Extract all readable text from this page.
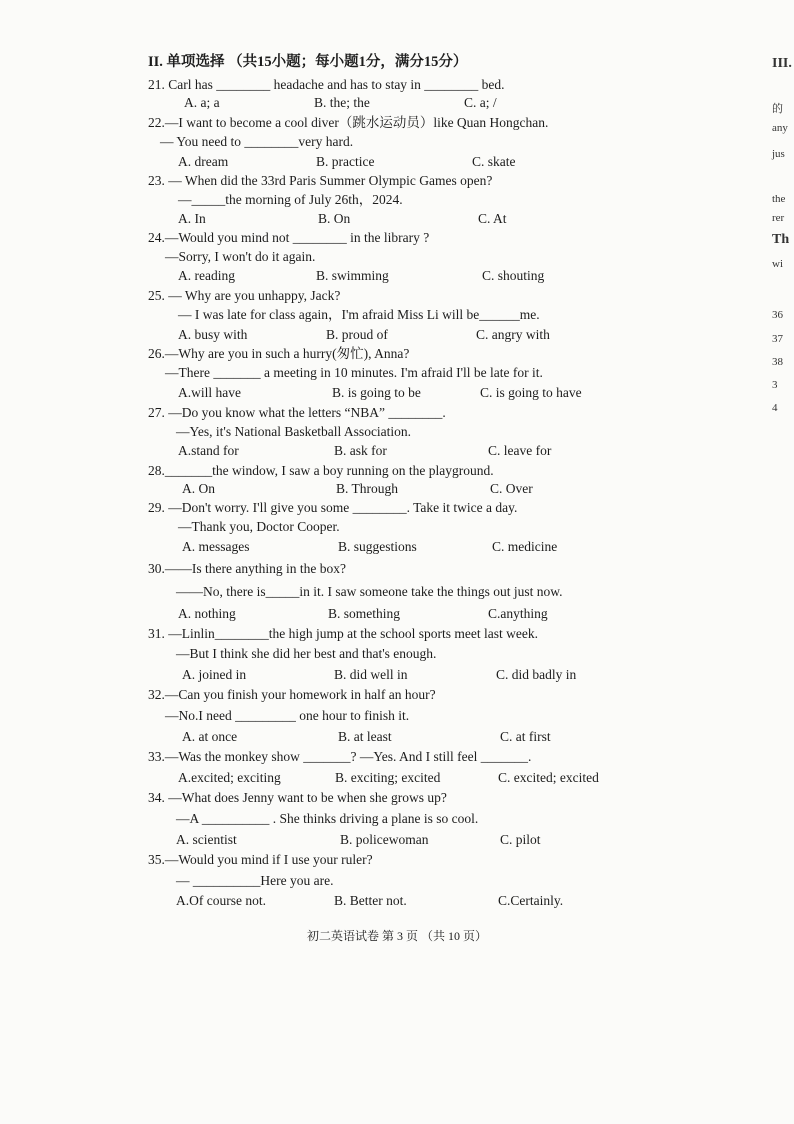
II. 单项选择 （共15小题；每小题1分，满分15分）
21. Carl has ________ headache and has to stay in ________ bed.
A. a; a	B. the; the	C. a; /
22.—I want to become a cool diver（跳水运动员）like Quan Hongchan.
— You need to ________very hard.
A. dream	B. practice	C. skate
23. — When did the 33rd Paris Summer Olympic Games open?
—_____the morning of July 26th，2024.
A. In	B. On	C. At
24.—Would you mind not ________ in the library ?
—Sorry, I won't do it again.
A. reading	B. swimming	C. shouting
25. — Why are you unhappy, Jack?
— I was late for class again，I'm afraid Miss Li will be______me.
A. busy with	B. proud of	C. angry with
26.—Why are you in such a hurry(匆忙), Anna?
—There _______ a meeting in 10 minutes. I'm afraid I'll be late for it.
A.will have	B. is going to be	C. is going to have
27. —Do you know what the letters “NBA” ________.
—Yes, it's National Basketball Association.
A.stand for	B. ask for	C. leave for
28._______the window, I saw a boy running on the playground.
A. On	B. Through	C. Over
29. —Don't worry. I'll give you some ________. Take it twice a day.
—Thank you, Doctor Cooper.
A. messages	B. suggestions	C. medicine
30.——Is there anything in the box?
——No, there is_____in it. I saw someone take the things out just now.
A. nothing	B. something	C.anything
31. —Linlin________the high jump at the school sports meet last week.
—But I think she did her best and that's enough.
A. joined in	B. did well in	C. did badly in
32.—Can you finish your homework in half an hour?
—No.I need _________ one hour to finish it.
A. at once	B. at least	C. at first
33.—Was the monkey show _______? —Yes. And I still feel _______.
A.excited; exciting	B. exciting; excited	C. excited; excited
34. —What does Jenny want to be when she grows up?
—A __________ . She thinks driving a plane is so cool.
A. scientist	B. policewoman	C. pilot
35.—Would you mind if I use your ruler?
— __________Here you are.
A.Of course not.	B. Better not.	C.Certainly.
初二英语试卷 第 3 页 （共 10 页）
III.
的
any
jus
the
rer
Th
wi
36
37
38
3
4
